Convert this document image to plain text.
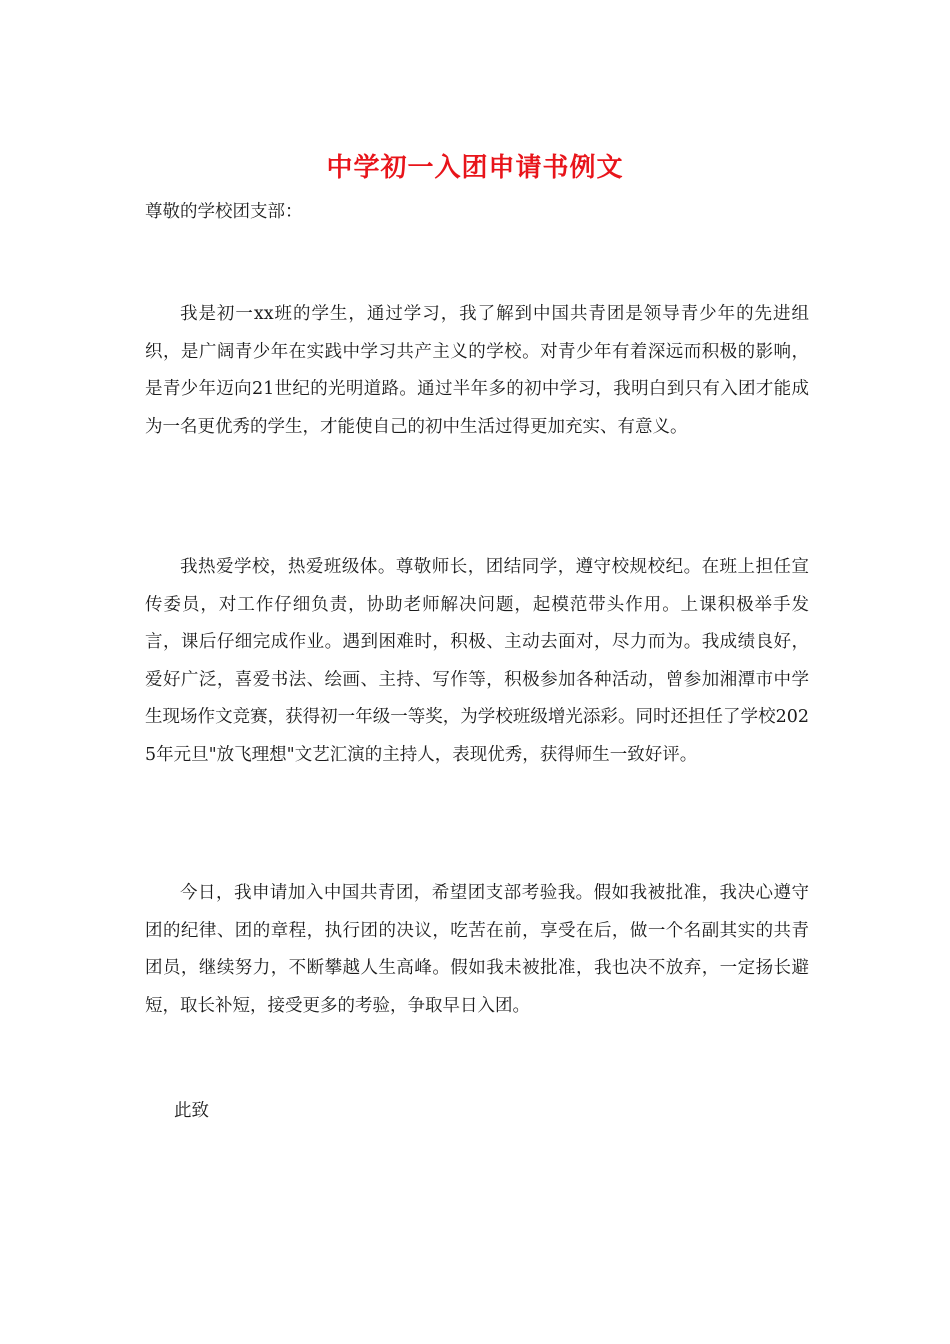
中学初一入团申请书例文

尊敬的学校团支部：

我是初一xx班的学生，通过学习，我了解到中国共青团是领导青少年的先进组织，是广阔青少年在实践中学习共产主义的学校。对青少年有着深远而积极的影响，是青少年迈向21世纪的光明道路。通过半年多的初中学习，我明白到只有入团才能成为一名更优秀的学生，才能使自己的初中生活过得更加充实、有意义。

我热爱学校，热爱班级体。尊敬师长，团结同学，遵守校规校纪。在班上担任宣传委员，对工作仔细负责，协助老师解决问题，起模范带头作用。上课积极举手发言，课后仔细完成作业。遇到困难时，积极、主动去面对，尽力而为。我成绩良好，爱好广泛，喜爱书法、绘画、主持、写作等，积极参加各种活动，曾参加湘潭市中学生现场作文竞赛，获得初一年级一等奖，为学校班级增光添彩。同时还担任了学校2025年元旦"放飞理想"文艺汇演的主持人，表现优秀，获得师生一致好评。

今日，我申请加入中国共青团，希望团支部考验我。假如我被批准，我决心遵守团的纪律、团的章程，执行团的决议，吃苦在前，享受在后，做一个名副其实的共青团员，继续努力，不断攀越人生高峰。假如我未被批准，我也决不放弃，一定扬长避短，取长补短，接受更多的考验，争取早日入团。

此致
